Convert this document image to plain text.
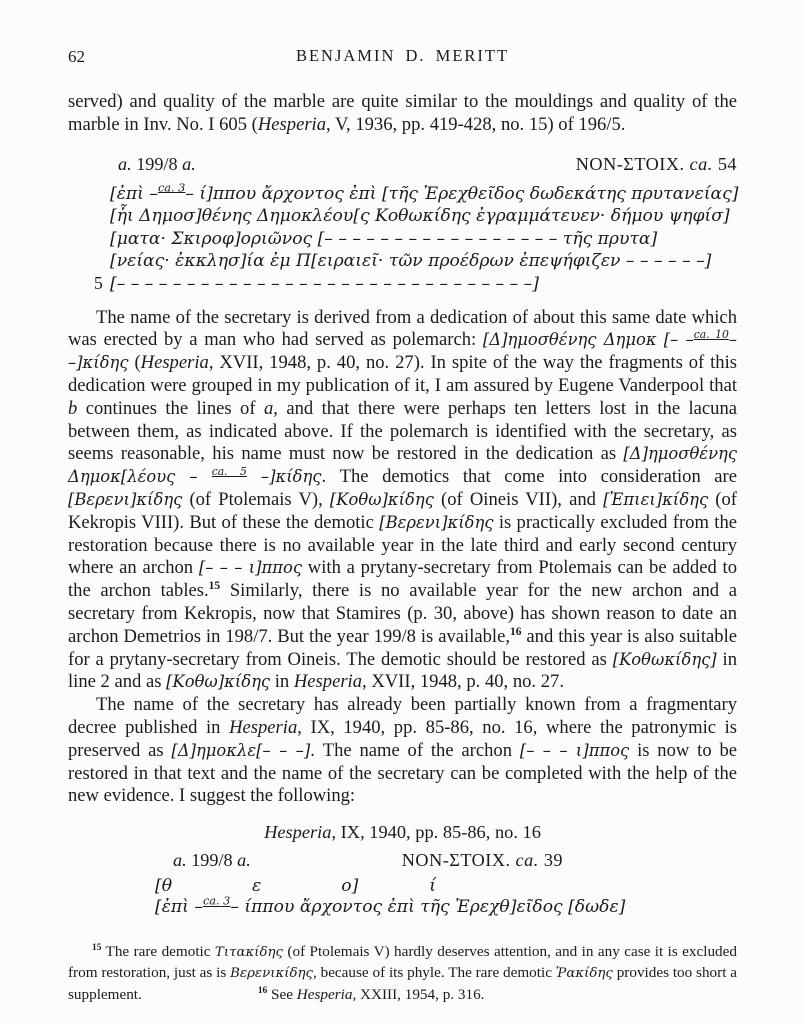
62	BENJAMIN D. MERITT

served) and quality of the marble are quite similar to the mouldings and quality of the marble in Inv. No. I 605 (Hesperia, V, 1936, pp. 419-428, no. 15) of 196/5.

a. 199/8 a.	NON-ΣΤΟΙΧ. ca. 54
[ἐπὶ –$^{ca. 3}$– ί]ππου ἄρχοντος ἐπὶ [τῆς Ἐρεχθεῖδος δωδεκάτης πρυτανείας]
[ἧι Δημοσ]θένης Δημοκλέου[ς Κοθωκίδης ἐγραμμάτευεν· δήμου ψηφίσ]
[ματα· Σκιροφ]οριῶνος [– – – – – – – – – – – – – – – – – τῆς πρυτα]
[νείας· ἐκκλησ]ία ἐμ Π[ειραιεῖ· τῶν προέδρων ἐπεψήφιζεν – – – – – –]
5 [– – – – – – – – – – – – – – – – – – – – – – – – – – – – – –]

The name of the secretary is derived from a dedication of about this same date which was erected by a man who had served as polemarch: [Δ]ημοσθένης Δημοκ [– –$^{ca. 10}$– –]κίδης (Hesperia, XVII, 1948, p. 40, no. 27). In spite of the way the fragments of this dedication were grouped in my publication of it, I am assured by Eugene Vanderpool that b continues the lines of a, and that there were perhaps ten letters lost in the lacuna between them, as indicated above. If the polemarch is identified with the secretary, as seems reasonable, his name must now be restored in the dedication as [Δ]ημοσθένης Δημοκ[λέους – $^{ca. 5}$ –]κίδης. The demotics that come into consideration are [Βερενι]κίδης (of Ptolemais V), [Κοθω]κίδης (of Oineis VII), and [Ἐπιει]κίδης (of Kekropis VIII). But of these the demotic [Βερενι]κίδης is practically excluded from the restoration because there is no available year in the late third and early second century where an archon [– – – ι]ππος with a prytany-secretary from Ptolemais can be added to the archon tables.$^{15}$ Similarly, there is no available year for the new archon and a secretary from Kekropis, now that Stamires (p. 30, above) has shown reason to date an archon Demetrios in 198/7. But the year 199/8 is available,$^{16}$ and this year is also suitable for a prytany-secretary from Oineis. The demotic should be restored as [Κοθωκίδης] in line 2 and as [Κοθω]κίδης in Hesperia, XVII, 1948, p. 40, no. 27.

The name of the secretary has already been partially known from a fragmentary decree published in Hesperia, IX, 1940, pp. 85-86, no. 16, where the patronymic is preserved as [Δ]ημοκλε[– – –]. The name of the archon [– – – ι]ππος is now to be restored in that text and the name of the secretary can be completed with the help of the new evidence. I suggest the following:

Hesperia, IX, 1940, pp. 85-86, no. 16
a. 199/8 a.	NON-ΣΤΟΙΧ. ca. 39
[θ	ε	ο]	ί
[ἐπὶ –$^{ca. 3}$– ίππου ἄρχοντος ἐπὶ τῆς Ἐρεχθ]εῖδος [δωδε]
$^{15}$ The rare demotic Τιτακίδης (of Ptolemais V) hardly deserves attention, and in any case it is excluded from restoration, just as is Βερενικίδης, because of its phyle. The rare demotic Ῥακίδης provides too short a supplement.	$^{16}$ See Hesperia, XXIII, 1954, p. 316.
